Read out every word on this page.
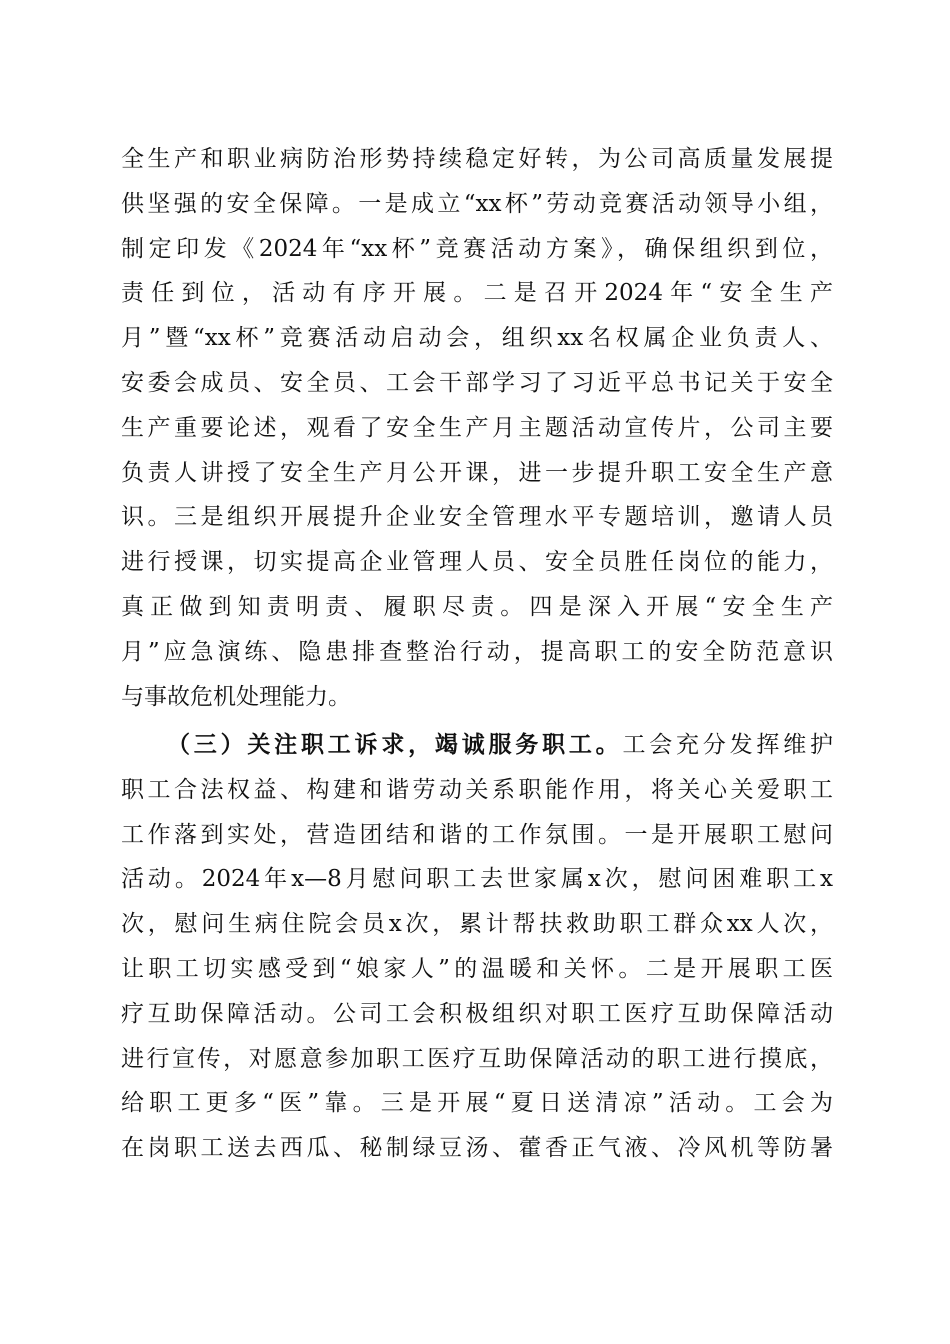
全生产和职业病防治形势持续稳定好转，为公司高质量发展提
供坚强的安全保障。一是成立“xx杯”劳动竞赛活动领导小组，
制定印发《2024年“xx杯”竞赛活动方案》，确保组织到位，
责任到位，活动有序开展。二是召开2024年“安全生产
月”暨“xx杯”竞赛活动启动会，组织xx名权属企业负责人、
安委会成员、安全员、工会干部学习了习近平总书记关于安全
生产重要论述，观看了安全生产月主题活动宣传片，公司主要
负责人讲授了安全生产月公开课，进一步提升职工安全生产意
识。三是组织开展提升企业安全管理水平专题培训，邀请人员
进行授课，切实提高企业管理人员、安全员胜任岗位的能力，
真正做到知责明责、履职尽责。四是深入开展“安全生产
月”应急演练、隐患排查整治行动，提高职工的安全防范意识
与事故危机处理能力。
（三）关注职工诉求，竭诚服务职工。工会充分发挥维护
职工合法权益、构建和谐劳动关系职能作用，将关心关爱职工
工作落到实处，营造团结和谐的工作氛围。一是开展职工慰问
活动。2024年x—8月慰问职工去世家属x次，慰问困难职工x
次，慰问生病住院会员x次，累计帮扶救助职工群众xx人次，
让职工切实感受到“娘家人”的温暖和关怀。二是开展职工医
疗互助保障活动。公司工会积极组织对职工医疗互助保障活动
进行宣传，对愿意参加职工医疗互助保障活动的职工进行摸底，
给职工更多“医”靠。三是开展“夏日送清凉”活动。工会为
在岗职工送去西瓜、秘制绿豆汤、藿香正气液、冷风机等防暑
